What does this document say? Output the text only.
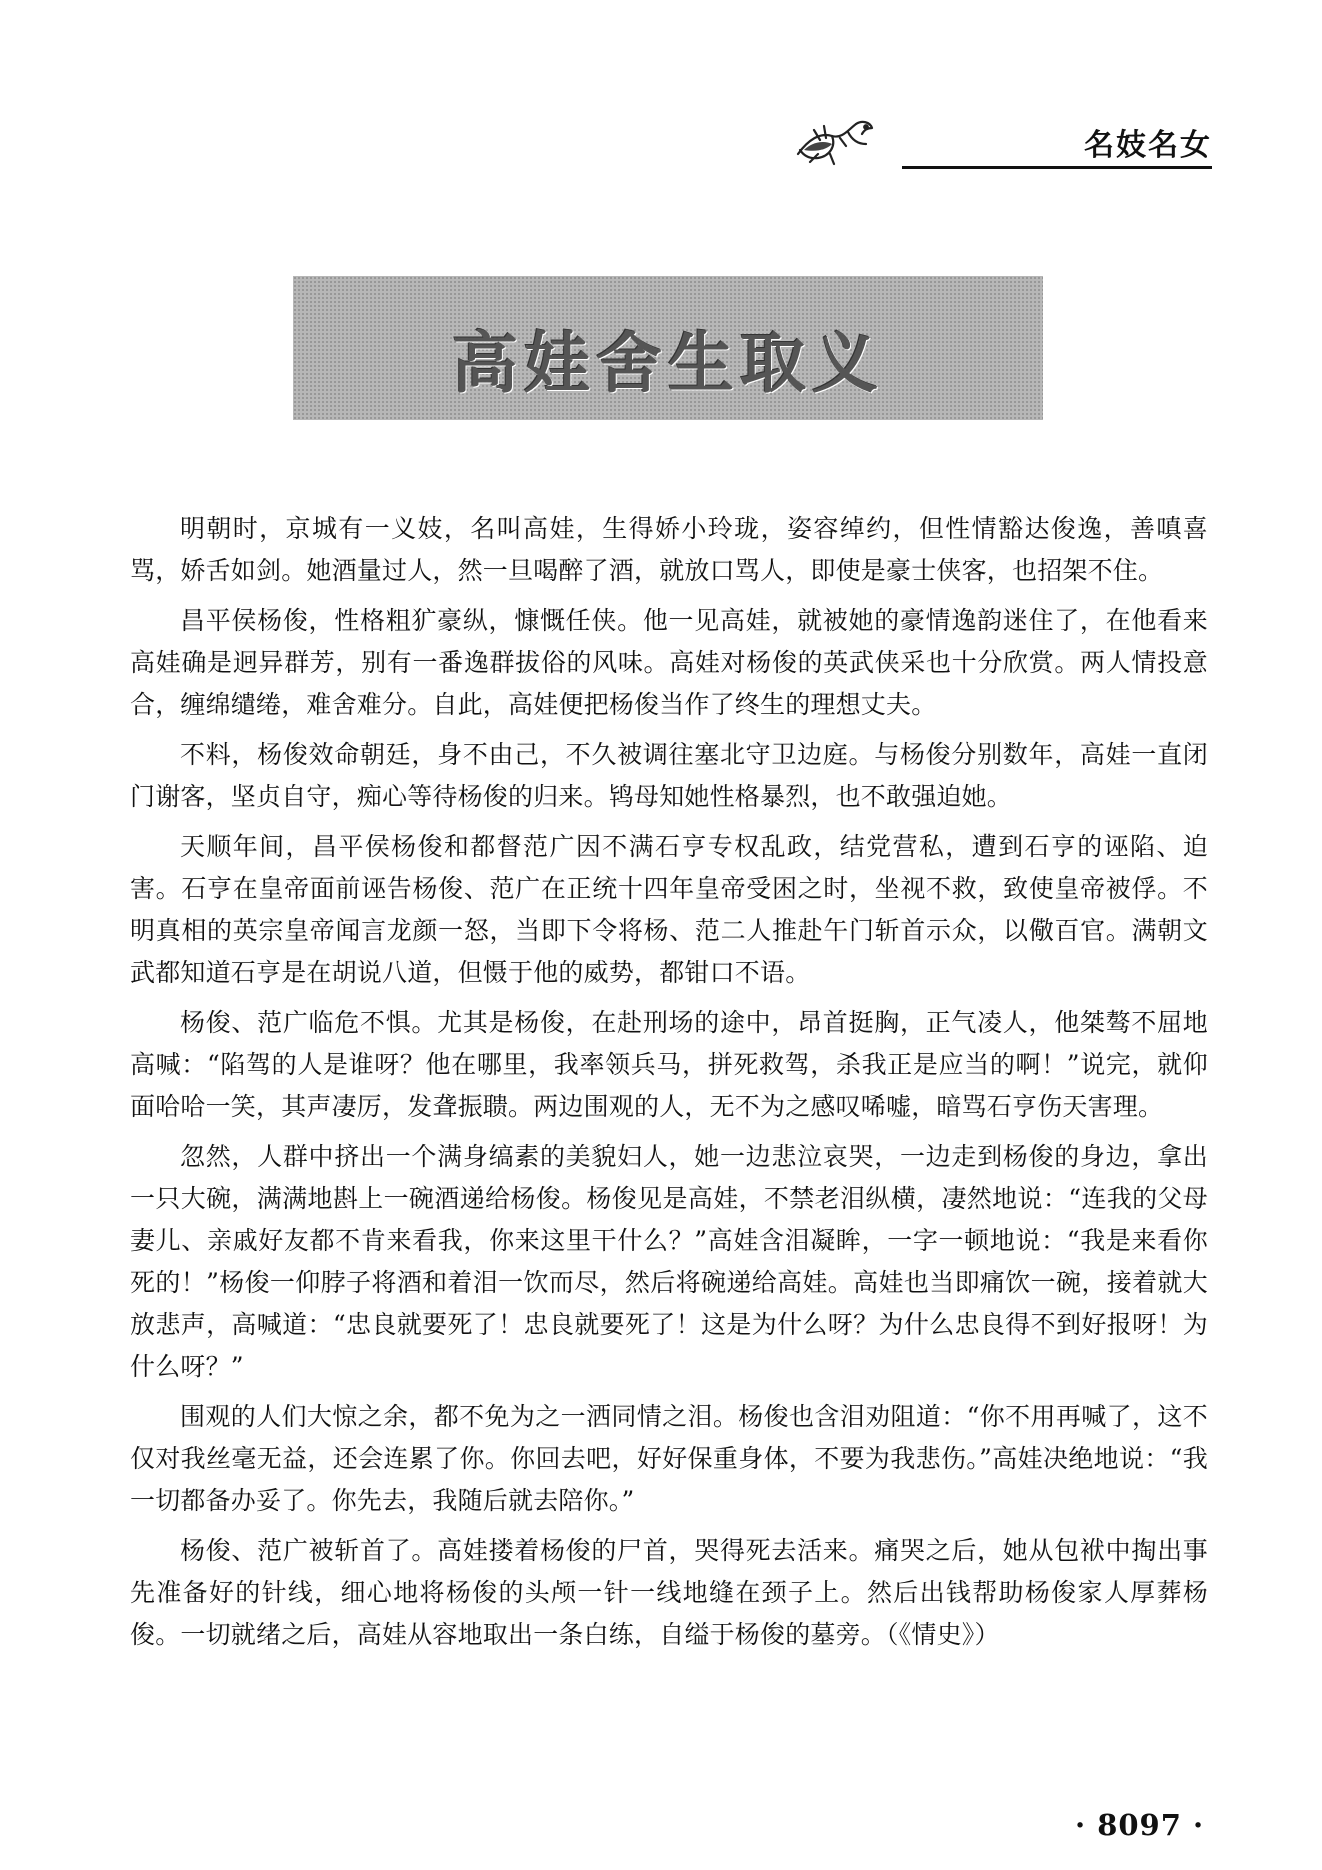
名妓名女
高娃舍生取义

明朝时，京城有一义妓，名叫高娃，生得娇小玲珑，姿容绰约，但性情豁达俊逸，善嗔喜骂，娇舌如剑。她酒量过人，然一旦喝醉了酒，就放口骂人，即使是豪士侠客，也招架不住。

昌平侯杨俊，性格粗犷豪纵，慷慨任侠。他一见高娃，就被她的豪情逸韵迷住了，在他看来高娃确是迥异群芳，别有一番逸群拔俗的风味。高娃对杨俊的英武侠采也十分欣赏。两人情投意合，缠绵缱绻，难舍难分。自此，高娃便把杨俊当作了终生的理想丈夫。

不料，杨俊效命朝廷，身不由己，不久被调往塞北守卫边庭。与杨俊分别数年，高娃一直闭门谢客，坚贞自守，痴心等待杨俊的归来。鸨母知她性格暴烈，也不敢强迫她。

天顺年间，昌平侯杨俊和都督范广因不满石亨专权乱政，结党营私，遭到石亨的诬陷、迫害。石亨在皇帝面前诬告杨俊、范广在正统十四年皇帝受困之时，坐视不救，致使皇帝被俘。不明真相的英宗皇帝闻言龙颜一怒，当即下令将杨、范二人推赴午门斩首示众，以儆百官。满朝文武都知道石亨是在胡说八道，但慑于他的威势，都钳口不语。

杨俊、范广临危不惧。尤其是杨俊，在赴刑场的途中，昂首挺胸，正气凌人，他桀骜不屈地高喊：“陷驾的人是谁呀？他在哪里，我率领兵马，拼死救驾，杀我正是应当的啊！”说完，就仰面哈哈一笑，其声凄厉，发聋振聩。两边围观的人，无不为之感叹唏嘘，暗骂石亨伤天害理。

忽然，人群中挤出一个满身缟素的美貌妇人，她一边悲泣哀哭，一边走到杨俊的身边，拿出一只大碗，满满地斟上一碗酒递给杨俊。杨俊见是高娃，不禁老泪纵横，凄然地说：“连我的父母妻儿、亲戚好友都不肯来看我，你来这里干什么？”高娃含泪凝眸，一字一顿地说：“我是来看你死的！”杨俊一仰脖子将酒和着泪一饮而尽，然后将碗递给高娃。高娃也当即痛饮一碗，接着就大放悲声，高喊道：“忠良就要死了！忠良就要死了！这是为什么呀？为什么忠良得不到好报呀！为什么呀？”

围观的人们大惊之余，都不免为之一洒同情之泪。杨俊也含泪劝阻道：“你不用再喊了，这不仅对我丝毫无益，还会连累了你。你回去吧，好好保重身体，不要为我悲伤。”高娃决绝地说：“我一切都备办妥了。你先去，我随后就去陪你。”

杨俊、范广被斩首了。高娃搂着杨俊的尸首，哭得死去活来。痛哭之后，她从包袱中掏出事先准备好的针线，细心地将杨俊的头颅一针一线地缝在颈子上。然后出钱帮助杨俊家人厚葬杨俊。一切就绪之后，高娃从容地取出一条白练，自缢于杨俊的墓旁。（《情史》）

· 8097 ·
